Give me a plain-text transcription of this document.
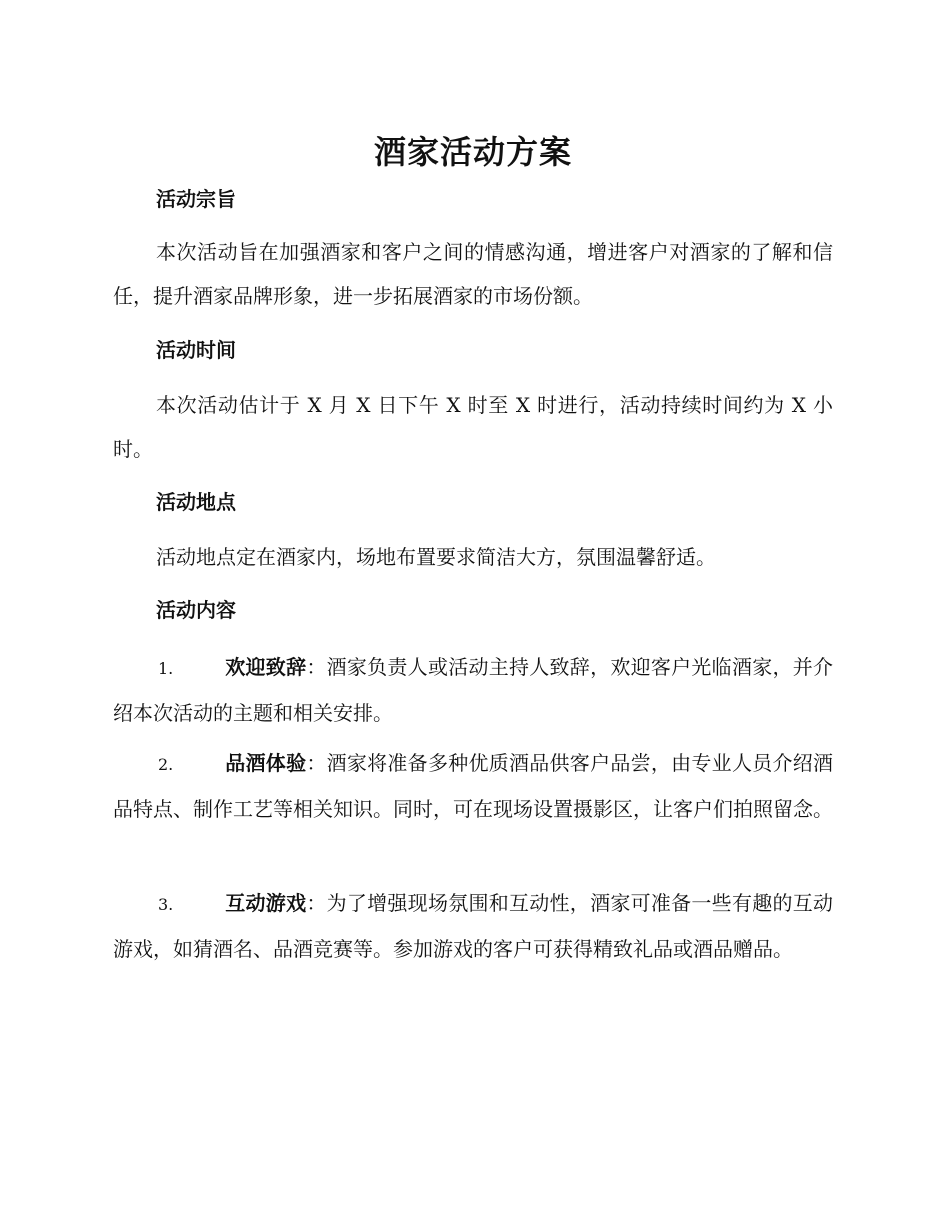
酒家活动方案
活动宗旨

本次活动旨在加强酒家和客户之间的情感沟通，增进客户对酒家的了解和信任，提升酒家品牌形象，进一步拓展酒家的市场份额。

活动时间

本次活动估计于 X 月 X 日下午 X 时至 X 时进行，活动持续时间约为 X 小时。

活动地点

活动地点定在酒家内，场地布置要求简洁大方，氛围温馨舒适。

活动内容

1.	欢迎致辞：酒家负责人或活动主持人致辞，欢迎客户光临酒家，并介绍本次活动的主题和相关安排。

2.	品酒体验：酒家将准备多种优质酒品供客户品尝，由专业人员介绍酒品特点、制作工艺等相关知识。同时，可在现场设置摄影区，让客户们拍照留念。

3.	互动游戏：为了增强现场氛围和互动性，酒家可准备一些有趣的互动游戏，如猜酒名、品酒竞赛等。参加游戏的客户可获得精致礼品或酒品赠品。
